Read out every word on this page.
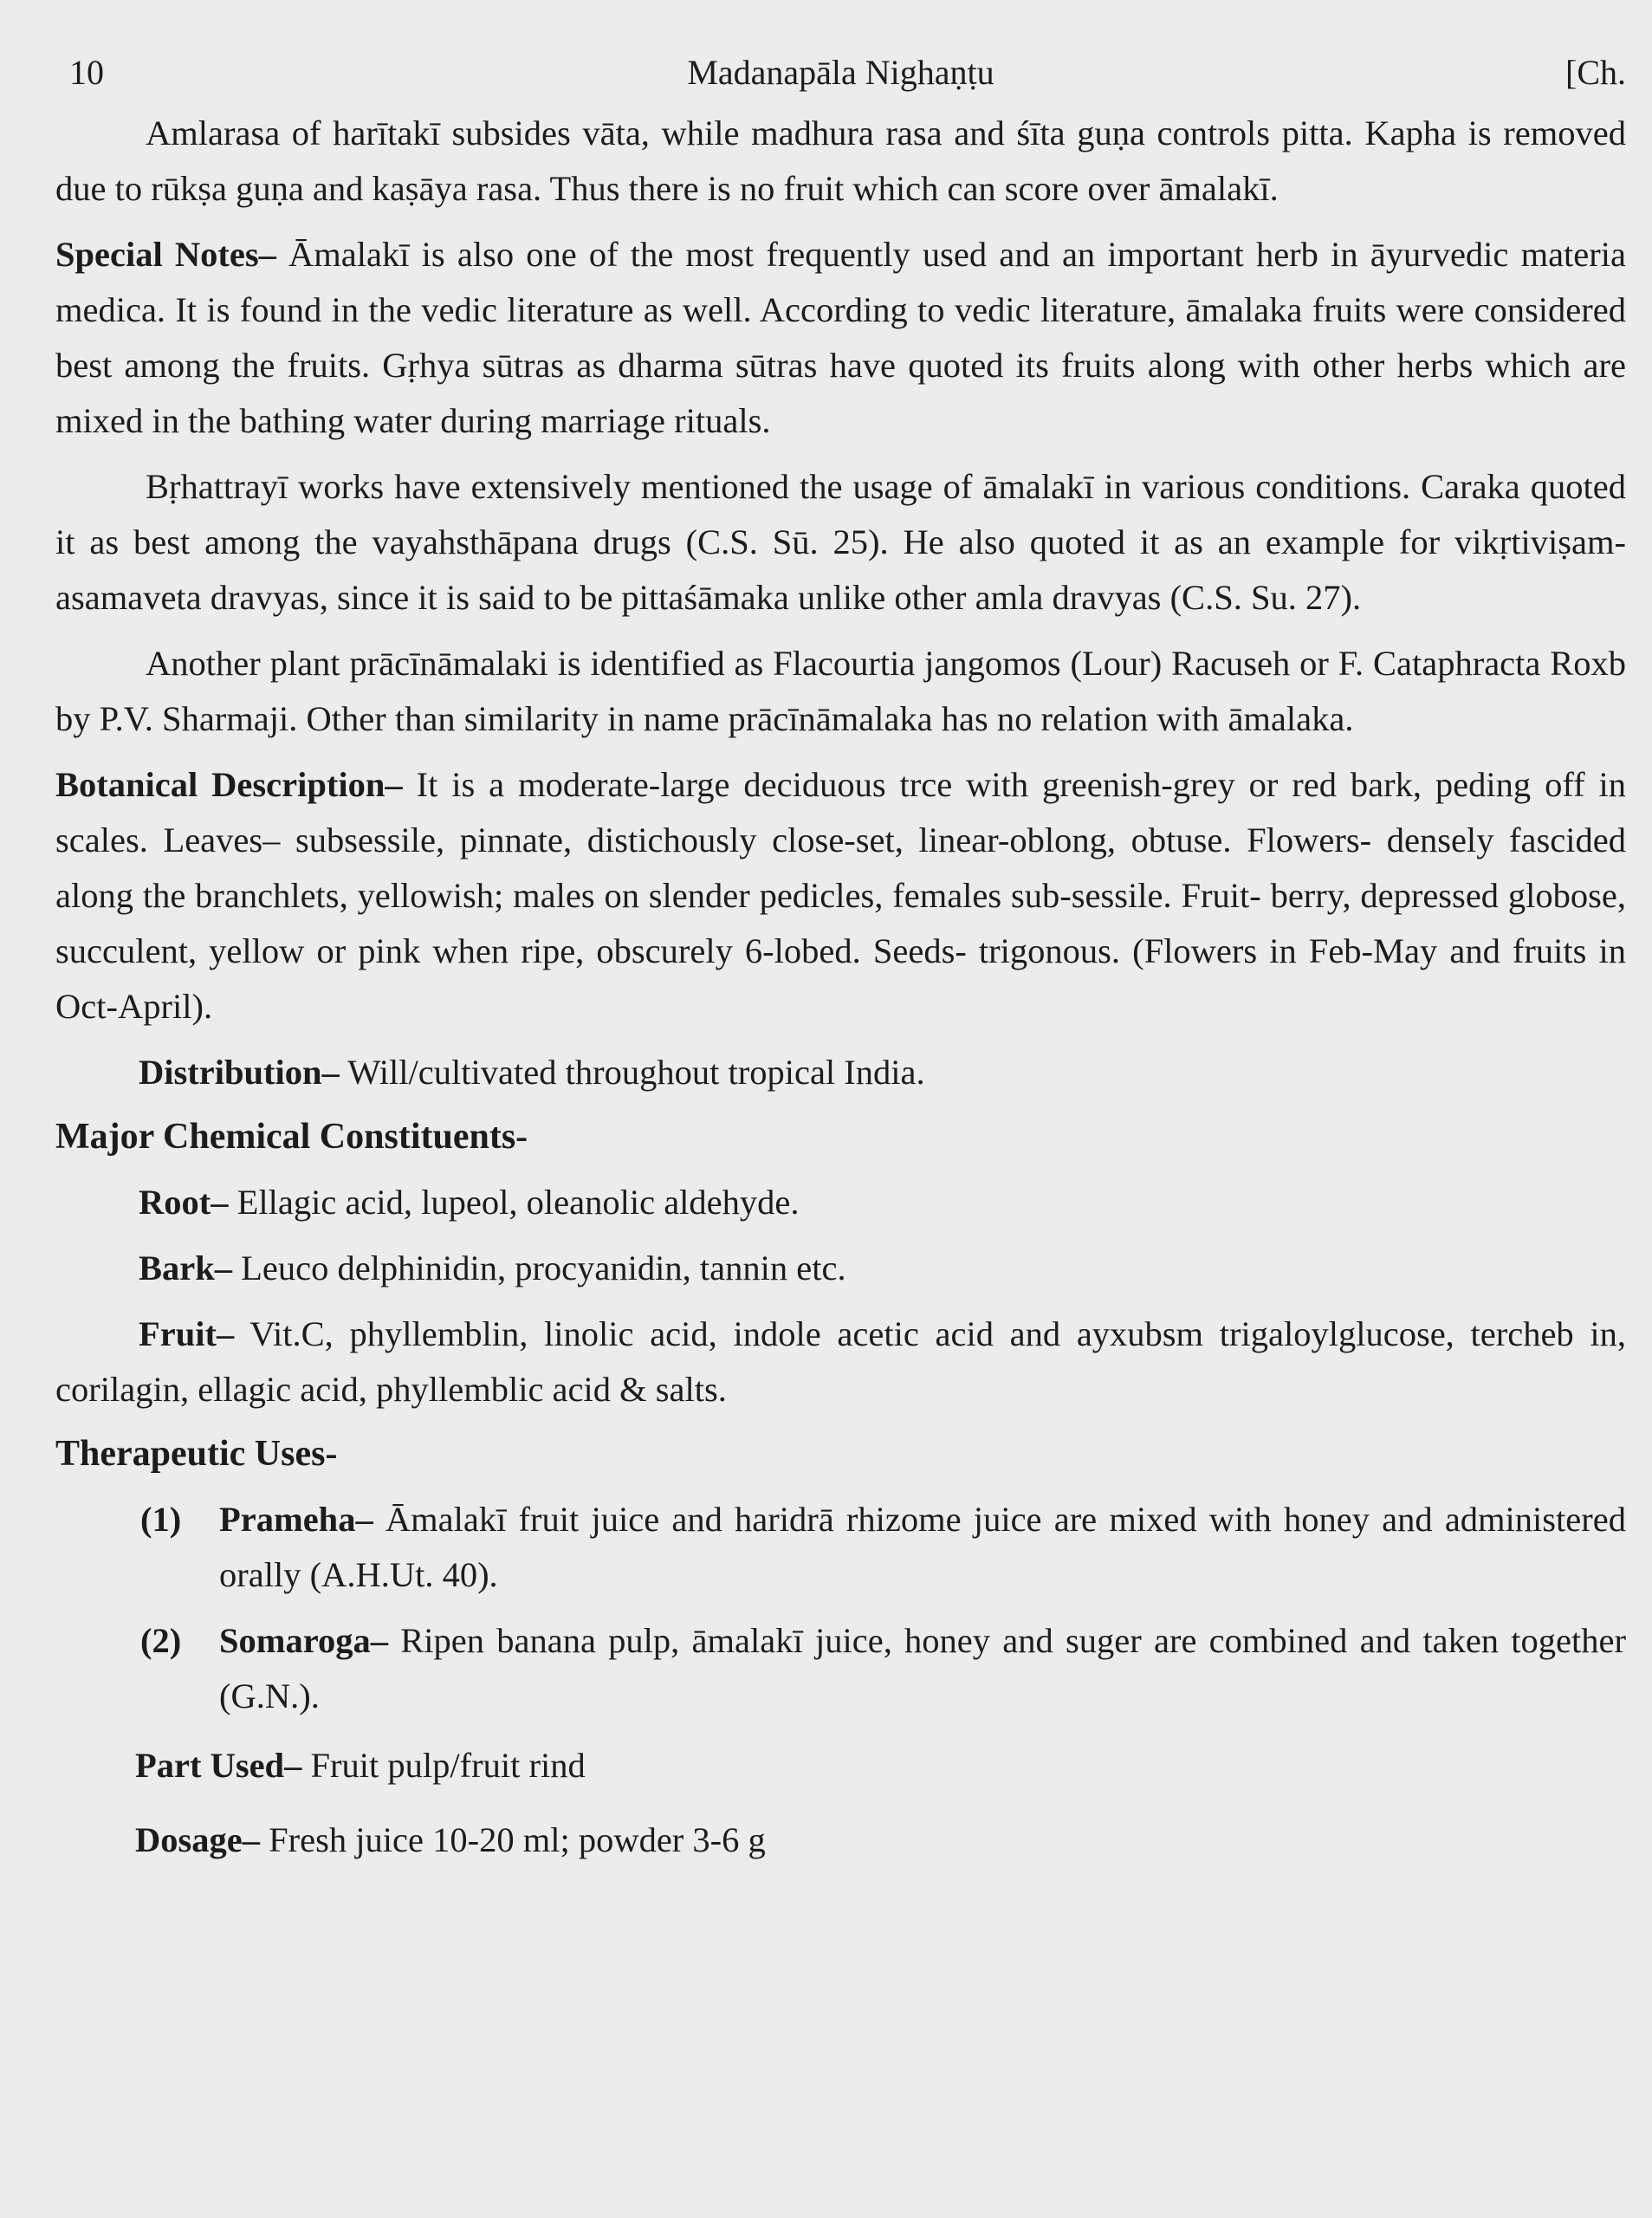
10	Madanapāla Nighaṇṭu	[Ch.

Amlarasa of harītakī subsides vāta, while madhura rasa and śīta guṇa controls pitta. Kapha is removed due to rūkṣa guṇa and kaṣāya rasa. Thus there is no fruit which can score over āmalakī.

Special Notes– Āmalakī is also one of the most frequently used and an important herb in āyurvedic materia medica. It is found in the vedic literature as well. According to vedic literature, āmalaka fruits were considered best among the fruits. Gṛhya sūtras as dharma sūtras have quoted its fruits along with other herbs which are mixed in the bathing water during marriage rituals.

Bṛhattrayī works have extensively mentioned the usage of āmalakī in various conditions. Caraka quoted it as best among the vayahsthāpana drugs (C.S. Sū. 25). He also quoted it as an example for vikṛtiviṣam-asamaveta dravyas, since it is said to be pittaśāmaka unlike other amla dravyas (C.S. Su. 27).

Another plant prācīnāmalaki is identified as Flacourtia jangomos (Lour) Racuseh or F. Cataphracta Roxb by P.V. Sharmaji. Other than similarity in name prācīnāmalaka has no relation with āmalaka.

Botanical Description– It is a moderate-large deciduous trce with greenish-grey or red bark, peding off in scales. Leaves– subsessile, pinnate, distichously close-set, linear-oblong, obtuse. Flowers- densely fascided along the branchlets, yellowish; males on slender pedicles, females sub-sessile. Fruit- berry, depressed globose, succulent, yellow or pink when ripe, obscurely 6-lobed. Seeds- trigonous. (Flowers in Feb-May and fruits in Oct-April).

Distribution– Will/cultivated throughout tropical India.

Major Chemical Constituents-

Root– Ellagic acid, lupeol, oleanolic aldehyde.

Bark– Leuco delphinidin, procyanidin, tannin etc.

Fruit– Vit.C, phyllemblin, linolic acid, indole acetic acid and ayxubsm trigaloylglucose, tercheb in, corilagin, ellagic acid, phyllemblic acid & salts.

Therapeutic Uses-

(1) Prameha– Āmalakī fruit juice and haridrā rhizome juice are mixed with honey and administered orally (A.H.Ut. 40).
(2) Somaroga– Ripen banana pulp, āmalakī juice, honey and suger are combined and taken together (G.N.).

Part Used– Fruit pulp/fruit rind

Dosage– Fresh juice 10-20 ml; powder 3-6 g
